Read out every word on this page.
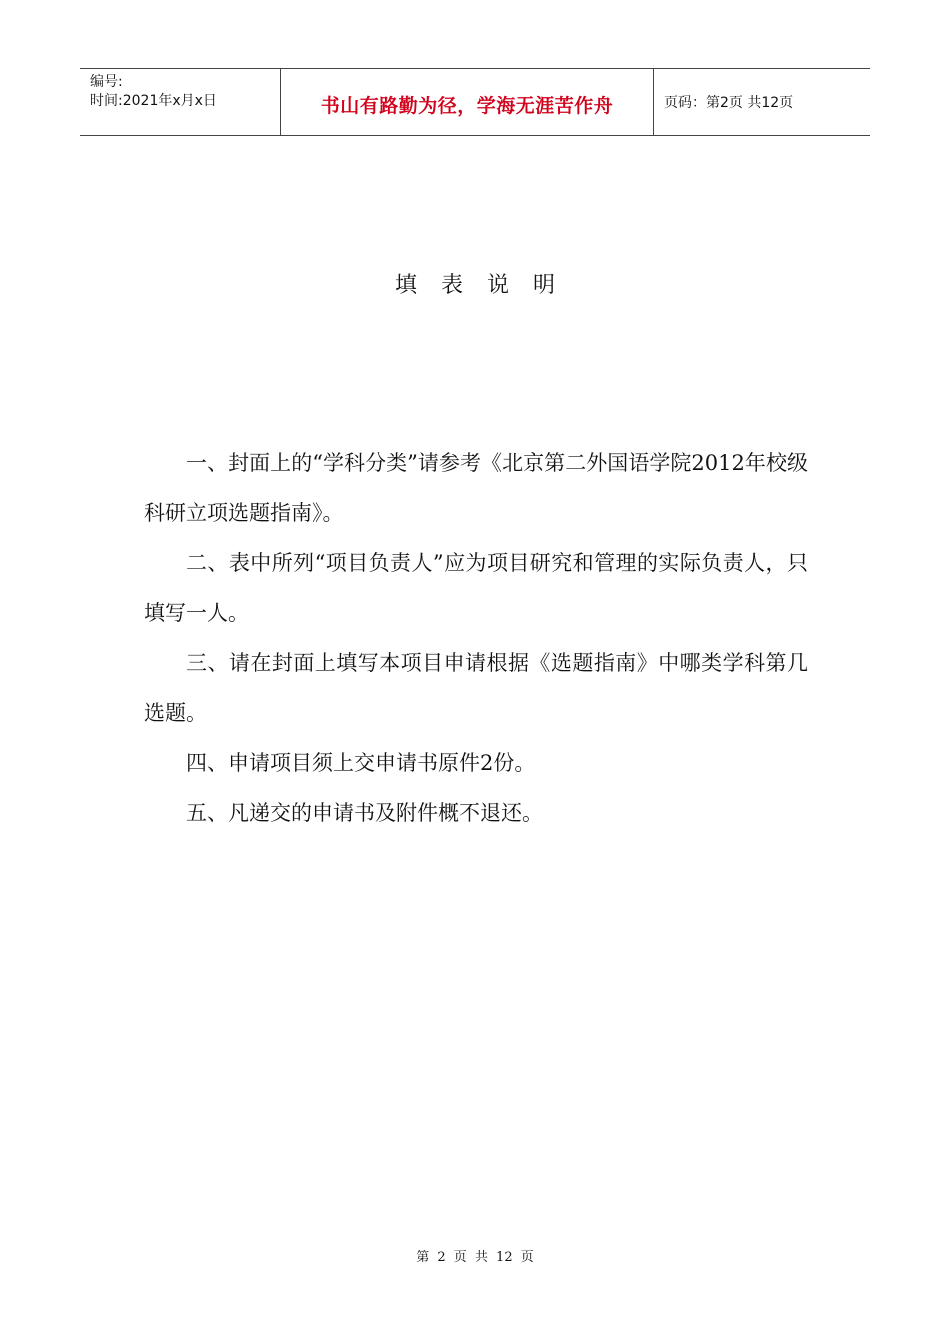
编号:
时间:2021年x月x日	书山有路勤为径，学海无涯苦作舟	页码：第2页 共12页
填表说明

一、封面上的“学科分类”请参考《北京第二外国语学院2012年校级科研立项选题指南》。

二、表中所列“项目负责人”应为项目研究和管理的实际负责人，只填写一人。

三、请在封面上填写本项目申请根据《选题指南》中哪类学科第几选题。

四、申请项目须上交申请书原件2份。

五、凡递交的申请书及附件概不退还。

第 2 页 共 12 页
